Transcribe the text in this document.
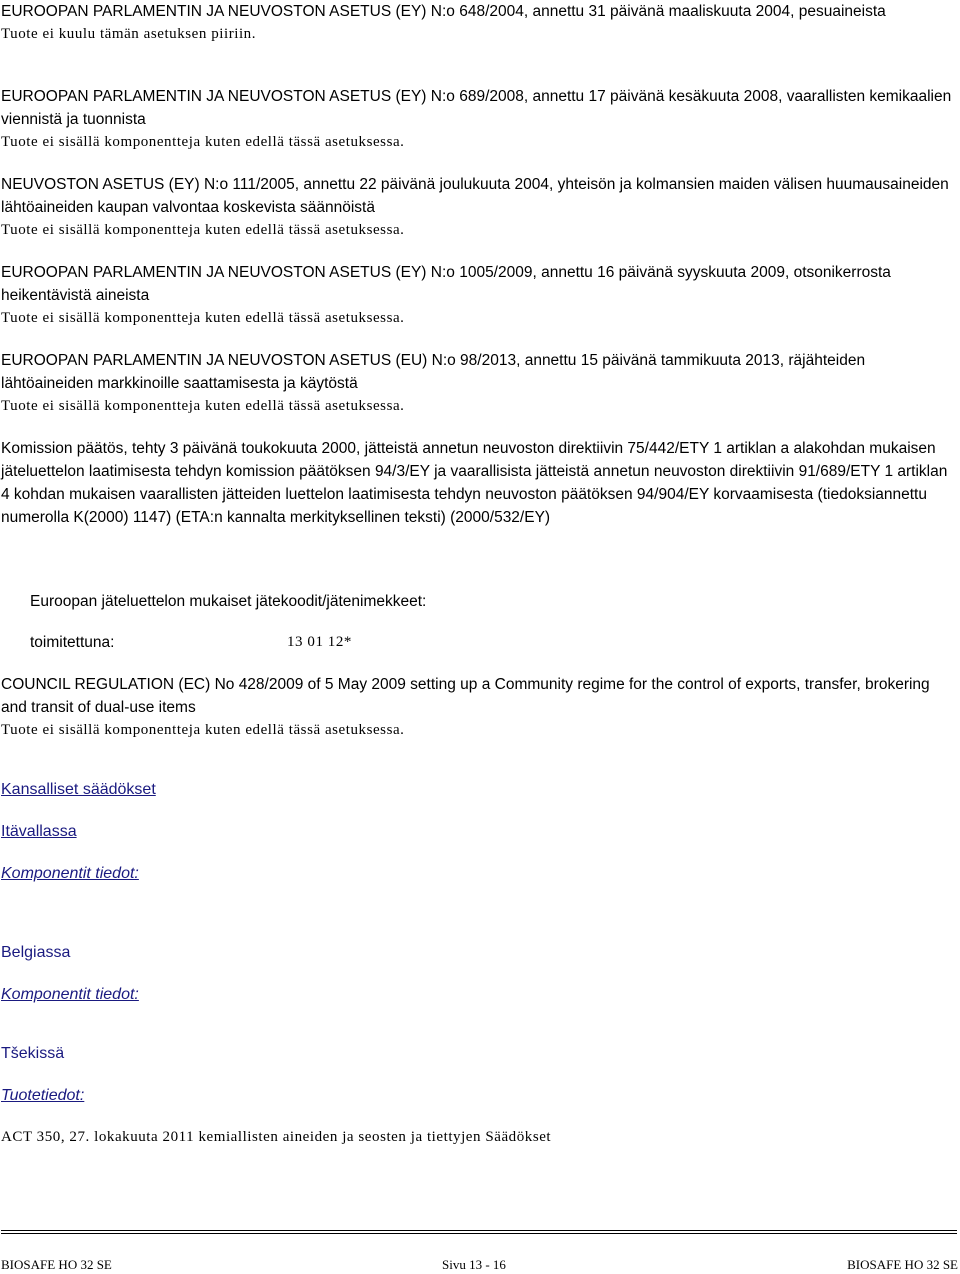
EUROOPAN PARLAMENTIN JA NEUVOSTON ASETUS (EY) N:o 648/2004, annettu 31 päivänä maaliskuuta 2004, pesuaineista
Tuote ei kuulu tämän asetuksen piiriin.
EUROOPAN PARLAMENTIN JA NEUVOSTON ASETUS (EY) N:o 689/2008, annettu 17 päivänä kesäkuuta 2008, vaarallisten kemikaalien viennistä ja tuonnista
Tuote ei sisällä komponentteja kuten edellä tässä asetuksessa.
NEUVOSTON ASETUS (EY) N:o 111/2005, annettu 22 päivänä joulukuuta 2004, yhteisön ja kolmansien maiden välisen huumausaineiden lähtöaineiden kaupan valvontaa koskevista säännöistä
Tuote ei sisällä komponentteja kuten edellä tässä asetuksessa.
EUROOPAN PARLAMENTIN JA NEUVOSTON ASETUS (EY) N:o 1005/2009, annettu 16 päivänä syyskuuta 2009, otsonikerrosta heikentävistä aineista
Tuote ei sisällä komponentteja kuten edellä tässä asetuksessa.
EUROOPAN PARLAMENTIN JA NEUVOSTON ASETUS (EU) N:o 98/2013, annettu 15 päivänä tammikuuta 2013, räjähteiden lähtöaineiden markkinoille saattamisesta ja käytöstä
Tuote ei sisällä komponentteja kuten edellä tässä asetuksessa.
Komission päätös, tehty 3 päivänä toukokuuta 2000, jätteistä annetun neuvoston direktiivin 75/442/ETY 1 artiklan a alakohdan mukaisen jäteluettelon laatimisesta tehdyn komission päätöksen 94/3/EY ja vaarallisista jätteistä annetun neuvoston direktiivin 91/689/ETY 1 artiklan 4 kohdan mukaisen vaarallisten jätteiden luettelon laatimisesta tehdyn neuvoston päätöksen 94/904/EY korvaamisesta (tiedoksiannettu numerolla K(2000) 1147) (ETA:n kannalta merkityksellinen teksti) (2000/532/EY)
Euroopan jäteluettelon mukaiset jätekoodit/jätenimekkeet:
toimitettuna:	13 01 12*
COUNCIL REGULATION (EC) No 428/2009 of 5 May 2009 setting up a Community regime for the control of exports, transfer, brokering and transit of dual-use items
Tuote ei sisällä komponentteja kuten edellä tässä asetuksessa.
Kansalliset säädökset
Itävallassa
Komponentit tiedot:
Belgiassa
Komponentit tiedot:
Tšekissä
Tuotetiedot:
ACT 350, 27. lokakuuta 2011 kemiallisten aineiden ja seosten ja tiettyjen Säädökset
BIOSAFE HO 32 SE	Sivu 13 - 16	BIOSAFE HO 32 SE
